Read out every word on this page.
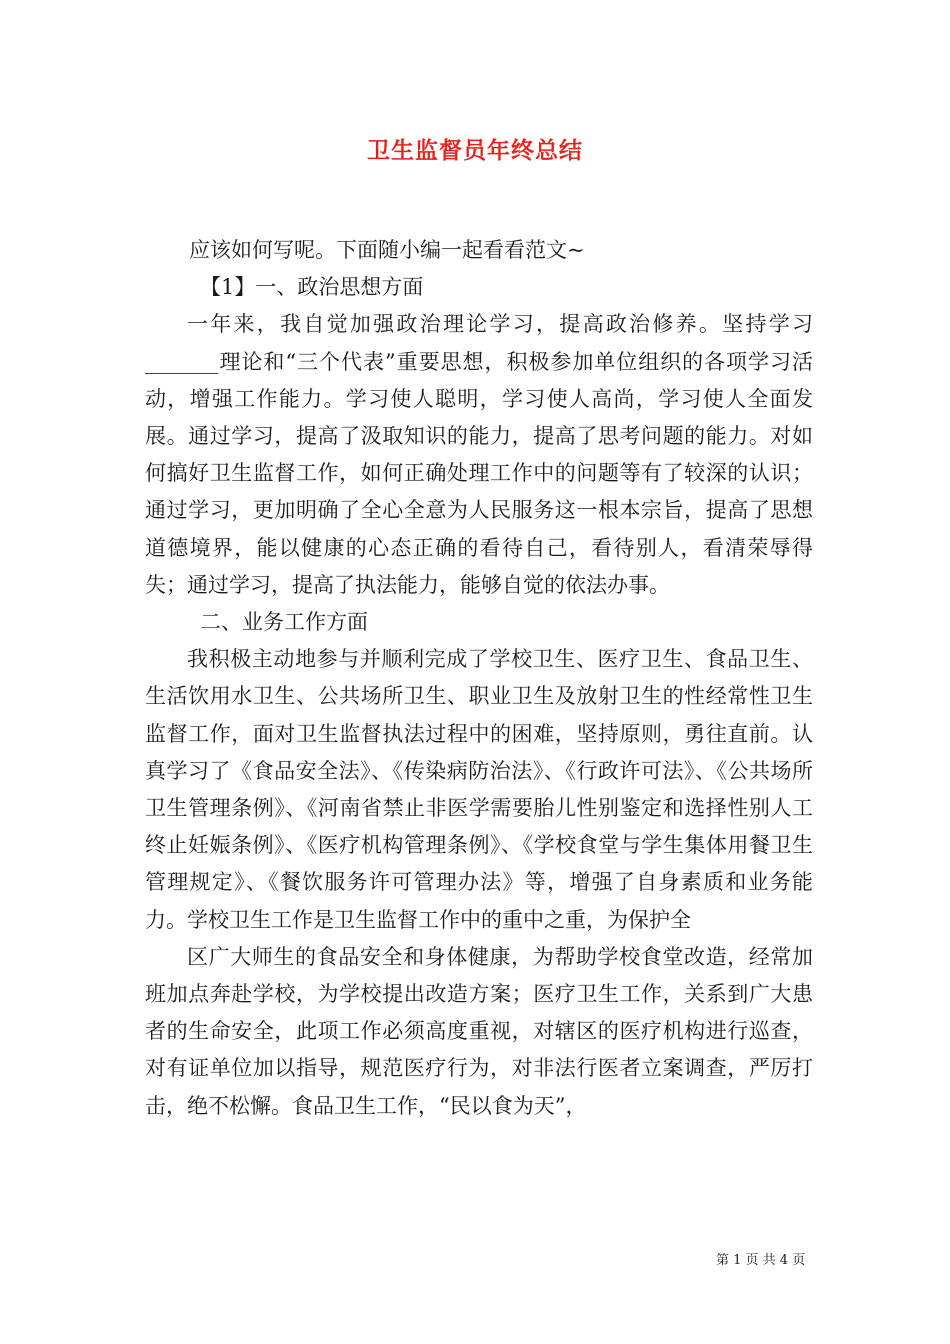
卫生监督员年终总结

应该如何写呢。下面随小编一起看看范文~

【1】一、政治思想方面

一年来，我自觉加强政治理论学习，提高政治修养。坚持学习_______理论和“三个代表”重要思想，积极参加单位组织的各项学习活动，增强工作能力。学习使人聪明，学习使人高尚，学习使人全面发展。通过学习，提高了汲取知识的能力，提高了思考问题的能力。对如何搞好卫生监督工作，如何正确处理工作中的问题等有了较深的认识；通过学习，更加明确了全心全意为人民服务这一根本宗旨，提高了思想道德境界，能以健康的心态正确的看待自己，看待别人，看清荣辱得失；通过学习，提高了执法能力，能够自觉的依法办事。

二、业务工作方面

我积极主动地参与并顺利完成了学校卫生、医疗卫生、食品卫生、生活饮用水卫生、公共场所卫生、职业卫生及放射卫生的性经常性卫生监督工作，面对卫生监督执法过程中的困难，坚持原则，勇往直前。认真学习了《食品安全法》、《传染病防治法》、《行政许可法》、《公共场所卫生管理条例》、《河南省禁止非医学需要胎儿性别鉴定和选择性别人工终止妊娠条例》、《医疗机构管理条例》、《学校食堂与学生集体用餐卫生管理规定》、《餐饮服务许可管理办法》等，增强了自身素质和业务能力。学校卫生工作是卫生监督工作中的重中之重，为保护全

区广大师生的食品安全和身体健康，为帮助学校食堂改造，经常加班加点奔赴学校，为学校提出改造方案；医疗卫生工作，关系到广大患者的生命安全，此项工作必须高度重视，对辖区的医疗机构进行巡查，对有证单位加以指导，规范医疗行为，对非法行医者立案调查，严厉打击，绝不松懈。食品卫生工作，“民以食为天”，

第 1 页 共 4 页
